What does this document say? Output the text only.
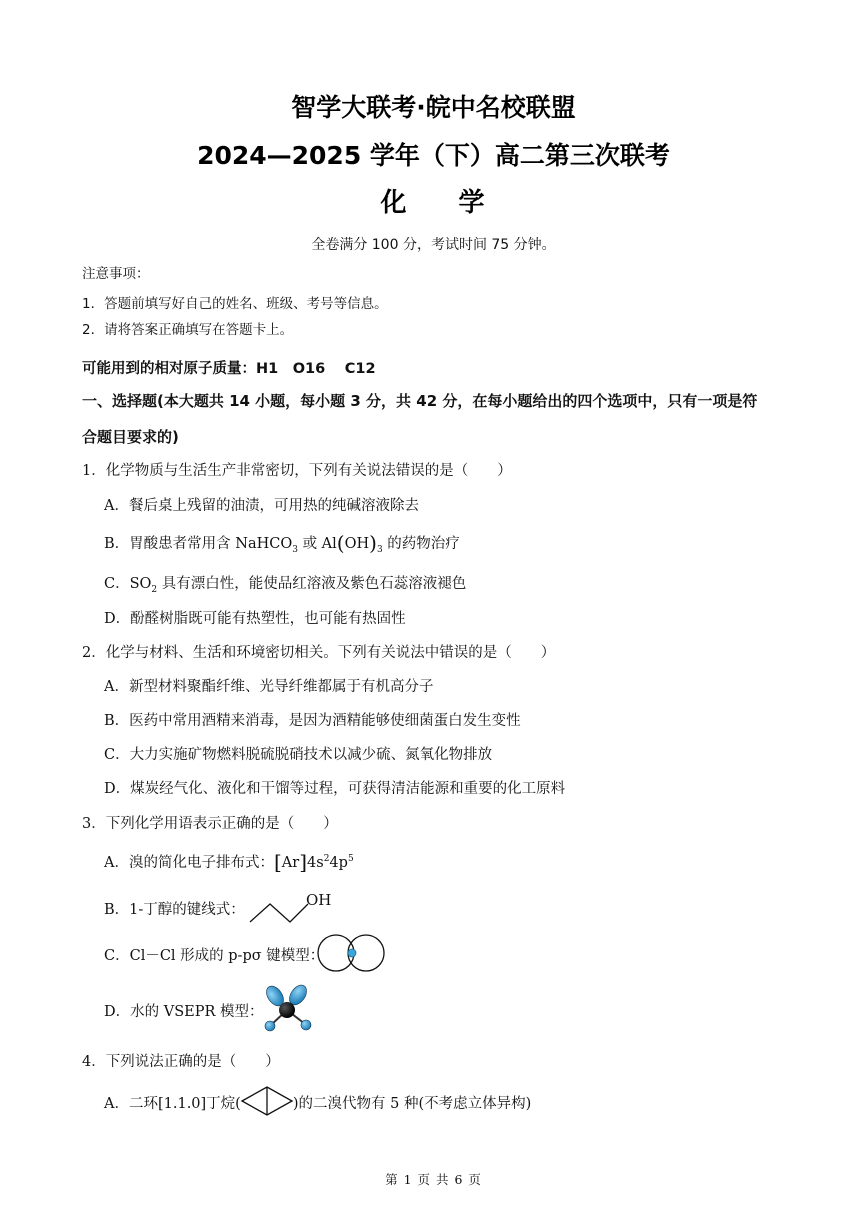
智学大联考·皖中名校联盟
2024—2025 学年（下）高二第三次联考
化 学
全卷满分 100 分，考试时间 75 分钟。
注意事项：
1．答题前填写好自己的姓名、班级、考号等信息。
2．请将答案正确填写在答题卡上。
可能用到的相对原子质量：H1　O16　 C12
一、选择题(本大题共 14 小题，每小题 3 分，共 42 分，在每小题给出的四个选项中，只有一项是符
合题目要求的)
1．化学物质与生活生产非常密切，下列有关说法错误的是（　　）
A．餐后桌上残留的油渍，可用热的纯碱溶液除去
B．胃酸患者常用含 NaHCO$_3$ 或 $Al(OH)_3$ 的药物治疗
C．$SO_2$ 具有漂白性，能使品红溶液及紫色石蕊溶液褪色
D．酚醛树脂既可能有热塑性，也可能有热固性
2．化学与材料、生活和环境密切相关。下列有关说法中错误的是（　　）
A．新型材料聚酯纤维、光导纤维都属于有机高分子
B．医药中常用酒精来消毒，是因为酒精能够使细菌蛋白发生变性
C．大力实施矿物燃料脱硫脱硝技术以减少硫、氮氧化物排放
D．煤炭经气化、液化和干馏等过程，可获得清洁能源和重要的化工原料
3．下列化学用语表示正确的是（　　）
A．溴的简化电子排布式：$[Ar]4s^24p^5$
B．1-丁醇的键线式：
OH
C．Cl－Cl 形成的 p-pσ 键模型：
D．水的 VSEPR 模型：
4．下列说法正确的是（　　）
A．二环[1.1.0]丁烷(	)的二溴代物有 5 种(不考虑立体异构)
第 1 页 共 6 页
